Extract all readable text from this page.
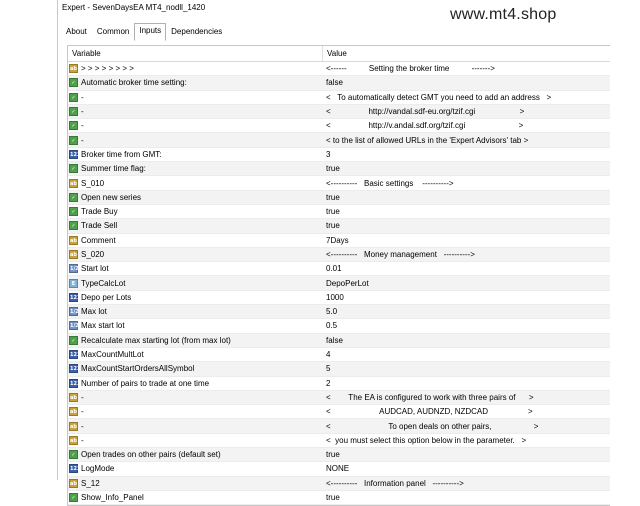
Expert - SevenDaysEA MT4_nodll_1420	www.mt4.shop
About	Common	Inputs	Dependencies
Variable	Value
ab > > > > > > > >	<------          Setting the broker time          ------->
✓ Automatic broker time setting:	false
✓ -	<   To automatically detect GMT you need to add an address   >
✓ -	<                 http://vandal.sdf-eu.org/tzif.cgi                    >
✓ -	<                 http://v.andal.sdf.org/tzif.cgi                        >
✓ -	< to the list of allowed URLs in the 'Expert Advisors' tab >
123 Broker time from GMT:	3
✓ Summer time flag:	true
ab S_010	<----------   Basic settings    ---------->
✓ Open new series	true
✓ Trade Buy	true
✓ Trade Sell	true
ab Comment	7Days
ab S_020	<----------   Money management   ---------->
1/2 Start lot	0.01
E TypeCalcLot	DepoPerLot
123 Depo per Lots	1000
1/2 Max lot	5.0
1/2 Max start lot	0.5
✓ Recalculate max starting lot (from max lot)	false
123 MaxCountMultLot	4
123 MaxCountStartOrdersAllSymbol	5
123 Number of pairs to trade at one time	2
ab -	<        The EA is configured to work with three pairs of      >
ab -	<                      AUDCAD, AUDNZD, NZDCAD                  >
ab -	<                          To open deals on other pairs,                   >
ab -	<  you must select this option below in the parameter.   >
✓ Open trades on other pairs (default set)	true
123 LogMode	NONE
ab S_12	<----------   Information panel   ---------->
✓ Show_Info_Panel	true
